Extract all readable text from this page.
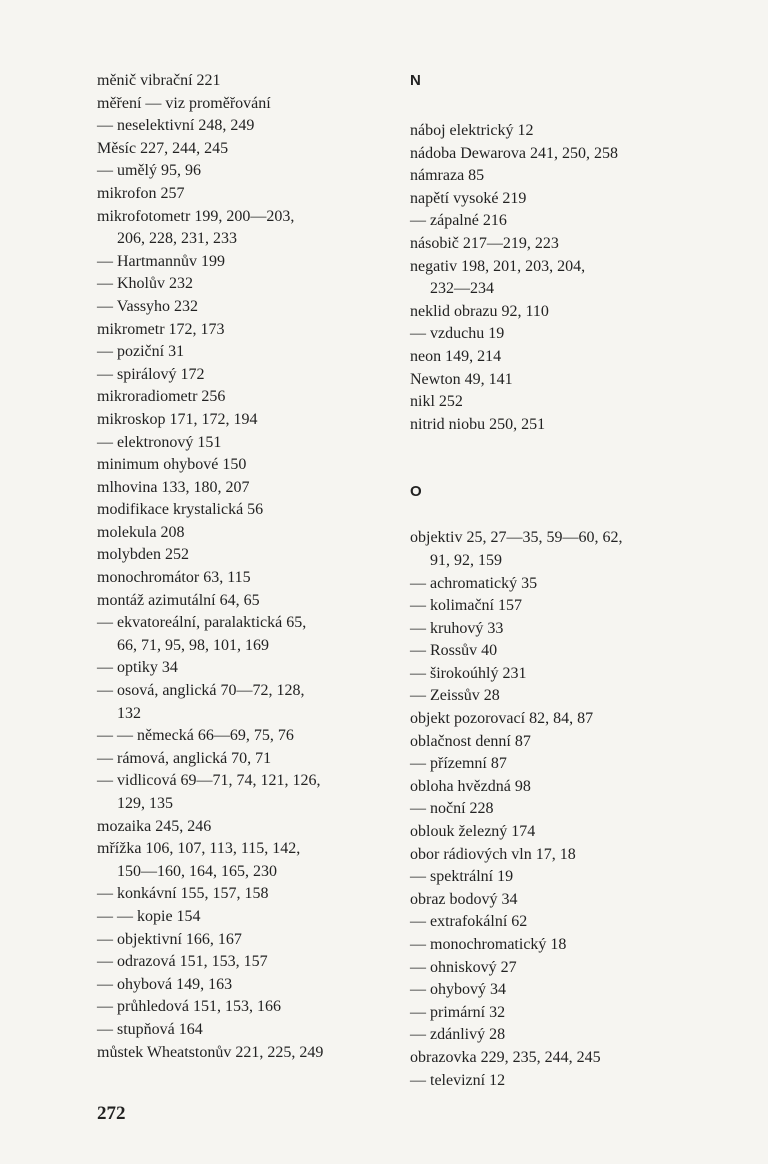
měnič vibrační 221
měření — viz proměřování
— neselektivní 248, 249
Měsíc 227, 244, 245
— umělý 95, 96
mikrofon 257
mikrofotometr 199, 200—203,
206, 228, 231, 233
— Hartmannův 199
— Kholův 232
— Vassyho 232
mikrometr 172, 173
— poziční 31
— spirálový 172
mikroradiometr 256
mikroskop 171, 172, 194
— elektronový 151
minimum ohybové 150
mlhovina 133, 180, 207
modifikace krystalická 56
molekula 208
molybden 252
monochromátor 63, 115
montáž azimutální 64, 65
— ekvatoreální, paralaktická 65,
66, 71, 95, 98, 101, 169
— optiky 34
— osová, anglická 70—72, 128,
132
— — německá 66—69, 75, 76
— rámová, anglická 70, 71
— vidlicová 69—71, 74, 121, 126,
129, 135
mozaika 245, 246
mřížka 106, 107, 113, 115, 142,
150—160, 164, 165, 230
— konkávní 155, 157, 158
— — kopie 154
— objektivní 166, 167
— odrazová 151, 153, 157
— ohybová 149, 163
— průhledová 151, 153, 166
— stupňová 164
můstek Wheatstonův 221, 225, 249
N
náboj elektrický 12
nádoba Dewarova 241, 250, 258
námraza 85
napětí vysoké 219
— zápalné 216
násobič 217—219, 223
negativ 198, 201, 203, 204,
232—234
neklid obrazu 92, 110
— vzduchu 19
neon 149, 214
Newton 49, 141
nikl 252
nitrid niobu 250, 251
O
objektiv 25, 27—35, 59—60, 62,
91, 92, 159
— achromatický 35
— kolimační 157
— kruhový 33
— Rossův 40
— širokoúhlý 231
— Zeissův 28
objekt pozorovací 82, 84, 87
oblačnost denní 87
— přízemní 87
obloha hvězdná 98
— noční 228
oblouk železný 174
obor rádiových vln 17, 18
— spektrální 19
obraz bodový 34
— extrafokální 62
— monochromatický 18
— ohniskový 27
— ohybový 34
— primární 32
— zdánlivý 28
obrazovka 229, 235, 244, 245
— televizní 12
272
